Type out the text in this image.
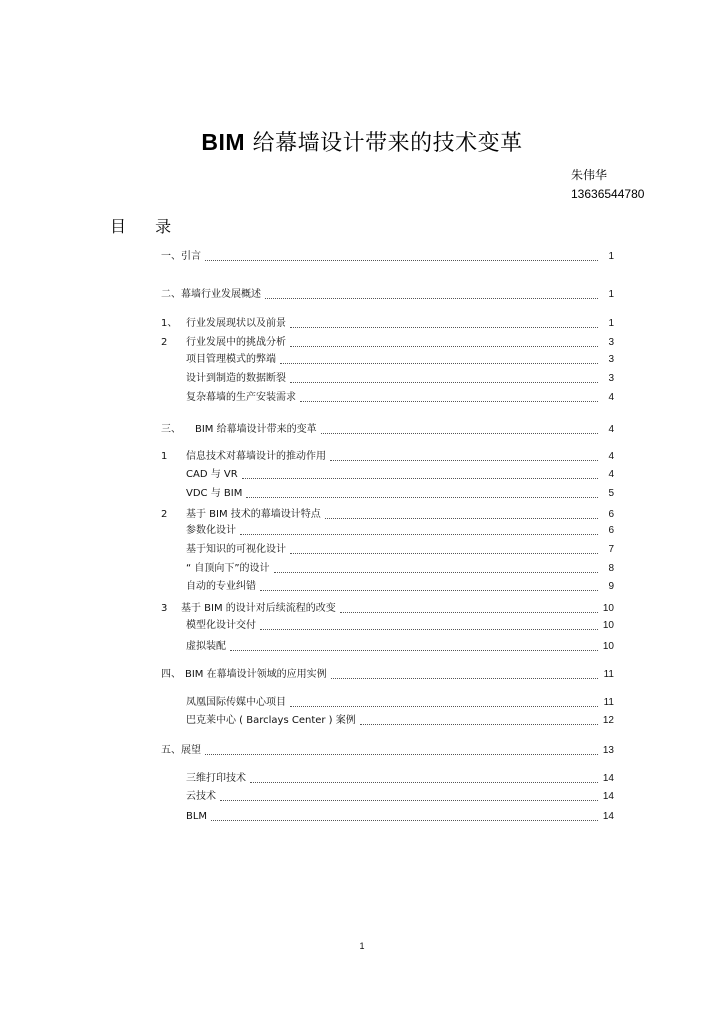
BIM 给幕墙设计带来的技术变革
朱伟华
13636544780
目 录
一、 引言	1
二、 幕墙行业发展概述	1
1、 行业发展现状以及前景	1
2	行业发展中的挑战分析	3
项目管理模式的弊端	3
设计到制造的数据断裂	3
复杂幕墙的生产安装需求	4
三、	BIM 给幕墙设计带来的变革	4
1	信息技术对幕墙设计的推动作用	4
CAD 与 VR	4
VDC 与 BIM	5
2	基于 BIM 技术的幕墙设计特点	6
参数化设计	6
基于知识的可视化设计	7
“ 自顶向下”的设计	8
自动的专业纠错	9
3	基于 BIM 的设计对后续流程的改变	10
模型化设计交付	10
虚拟装配	10
四、 BIM 在幕墙设计领域的应用实例	11
凤凰国际传媒中心项目	11
巴克莱中心 ( Barclays Center ) 案例	12
五、 展望	13
三维打印技术	14
云技术	14
BLM	14
1
